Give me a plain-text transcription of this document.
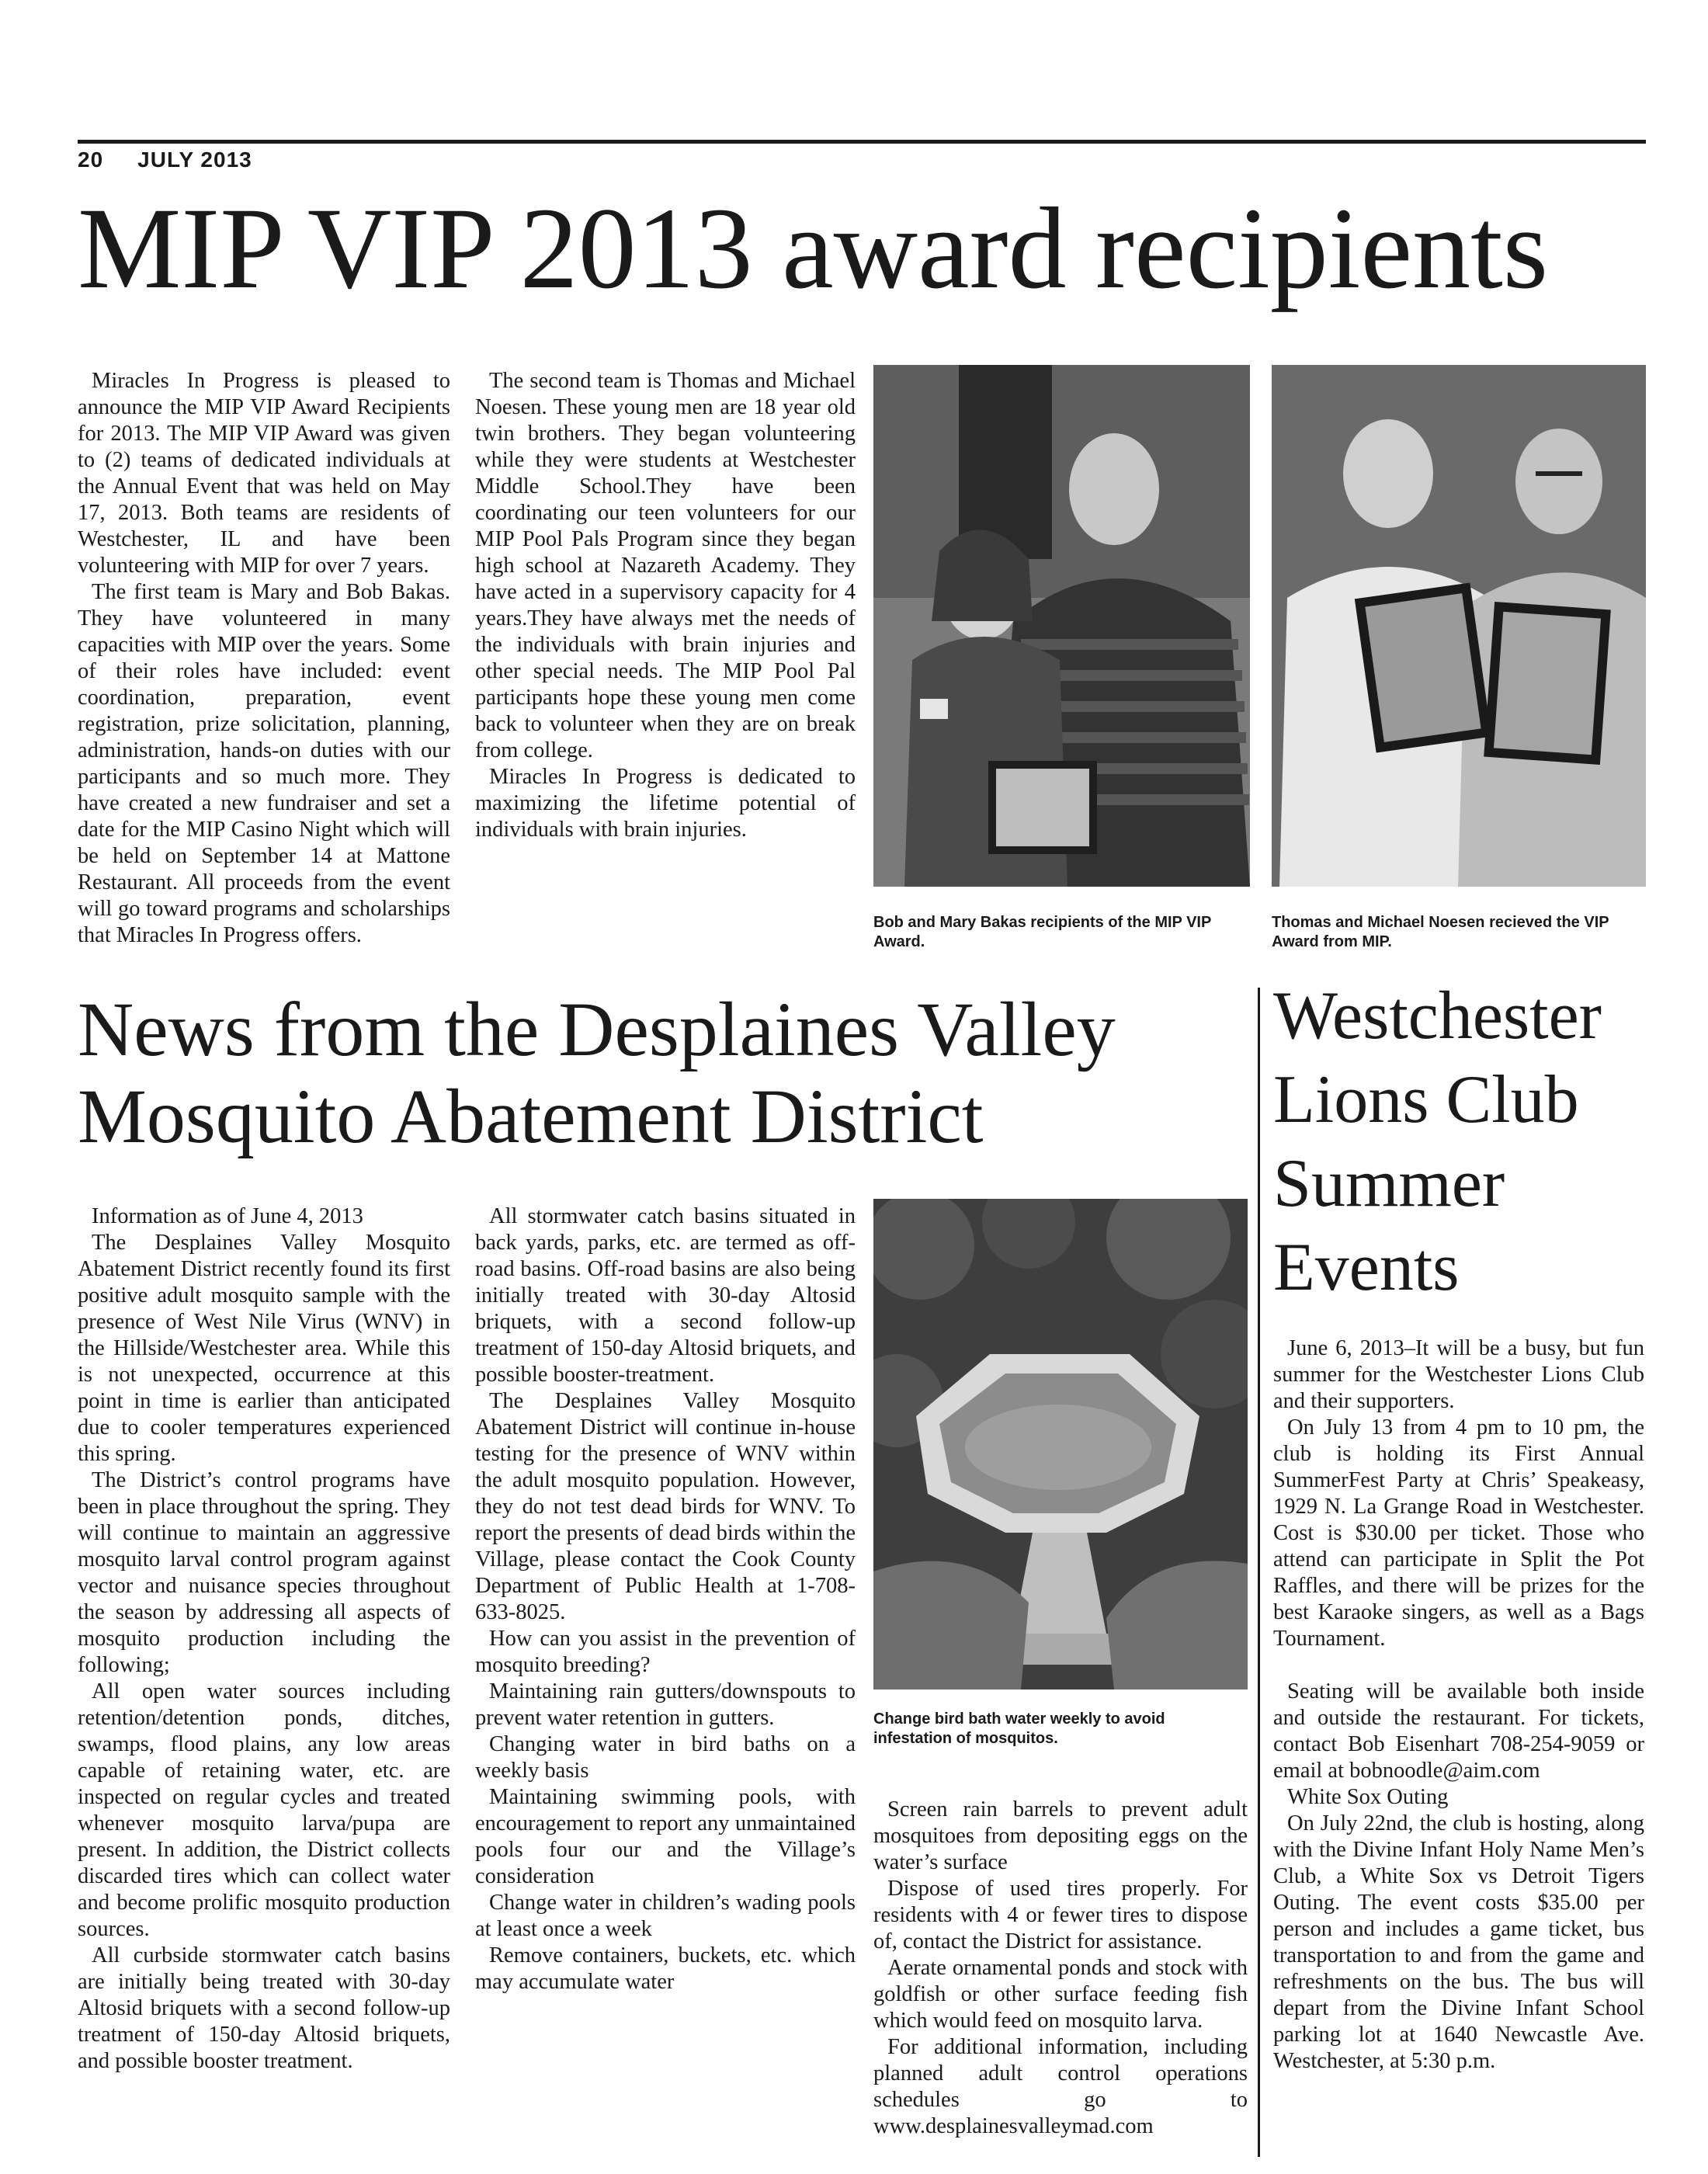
20 JULY 2013
MIP VIP 2013 award recipients

Miracles In Progress is pleased to announce the MIP VIP Award Recipients for 2013. The MIP VIP Award was given to (2) teams of dedicated individuals at the Annual Event that was held on May 17, 2013. Both teams are residents of Westchester, IL and have been volunteering with MIP for over 7 years.

The first team is Mary and Bob Bakas. They have volunteered in many capacities with MIP over the years. Some of their roles have included: event coordination, preparation, event registration, prize solicitation, planning, administration, hands-on duties with our participants and so much more. They have created a new fundraiser and set a date for the MIP Casino Night which will be held on September 14 at Mattone Restaurant. All proceeds from the event will go toward programs and scholarships that Miracles In Progress offers.

The second team is Thomas and Michael Noesen. These young men are 18 year old twin brothers. They began volunteering while they were students at Westchester Middle School.They have been coordinating our teen volunteers for our MIP Pool Pals Program since they began high school at Nazareth Academy. They have acted in a supervisory capacity for 4 years.They have always met the needs of the individuals with brain injuries and other special needs. The MIP Pool Pal participants hope these young men come back to volunteer when they are on break from college.

Miracles In Progress is dedicated to maximizing the lifetime potential of individuals with brain injuries.

Bob and Mary Bakas recipients of the MIP VIP Award.
Thomas and Michael Noesen recieved the VIP Award from MIP.
News from the Desplaines Valley Mosquito Abatement District

Information as of June 4, 2013

The Desplaines Valley Mosquito Abatement District recently found its first positive adult mosquito sample with the presence of West Nile Virus (WNV) in the Hillside/Westchester area. While this is not unexpected, occurrence at this point in time is earlier than anticipated due to cooler temperatures experienced this spring.

The District’s control programs have been in place throughout the spring. They will continue to maintain an aggressive mosquito larval control program against vector and nuisance species throughout the season by addressing all aspects of mosquito production including the following;

All open water sources including retention/detention ponds, ditches, swamps, flood plains, any low areas capable of retaining water, etc. are inspected on regular cycles and treated whenever mosquito larva/pupa are present. In addition, the District collects discarded tires which can collect water and become prolific mosquito production sources.

All curbside stormwater catch basins are initially being treated with 30-day Altosid briquets with a second follow-up treatment of 150-day Altosid briquets, and possible booster treatment.

All stormwater catch basins situated in back yards, parks, etc. are termed as off-road basins. Off-road basins are also being initially treated with 30-day Altosid briquets, with a second follow-up treatment of 150-day Altosid briquets, and possible booster-treatment.

The Desplaines Valley Mosquito Abatement District will continue in-house testing for the presence of WNV within the adult mosquito population. However, they do not test dead birds for WNV. To report the presents of dead birds within the Village, please contact the Cook County Department of Public Health at 1-708-633-8025.

How can you assist in the prevention of mosquito breeding?

Maintaining rain gutters/downspouts to prevent water retention in gutters.

Changing water in bird baths on a weekly basis

Maintaining swimming pools, with encouragement to report any unmaintained pools four our and the Village’s consideration

Change water in children’s wading pools at least once a week

Remove containers, buckets, etc. which may accumulate water

Change bird bath water weekly to avoid infestation of mosquitos.

Screen rain barrels to prevent adult mosquitoes from depositing eggs on the water’s surface

Dispose of used tires properly. For residents with 4 or fewer tires to dispose of, contact the District for assistance.

Aerate ornamental ponds and stock with goldfish or other surface feeding fish which would feed on mosquito larva.

For additional information, including planned adult control operations schedules go to www.desplainesvalleymad.com

Westchester Lions Club Summer Events

June 6, 2013–It will be a busy, but fun summer for the Westchester Lions Club and their supporters.

On July 13 from 4 pm to 10 pm, the club is holding its First Annual SummerFest Party at Chris’ Speakeasy, 1929 N. La Grange Road in Westchester. Cost is $30.00 per ticket. Those who attend can participate in Split the Pot Raffles, and there will be prizes for the best Karaoke singers, as well as a Bags Tournament.

Seating will be available both inside and outside the restaurant. For tickets, contact Bob Eisenhart 708-254-9059 or email at bobnoodle@aim.com

White Sox Outing

On July 22nd, the club is hosting, along with the Divine Infant Holy Name Men’s Club, a White Sox vs Detroit Tigers Outing. The event costs $35.00 per person and includes a game ticket, bus transportation to and from the game and refreshments on the bus. The bus will depart from the Divine Infant School parking lot at 1640 Newcastle Ave. Westchester, at 5:30 p.m.
